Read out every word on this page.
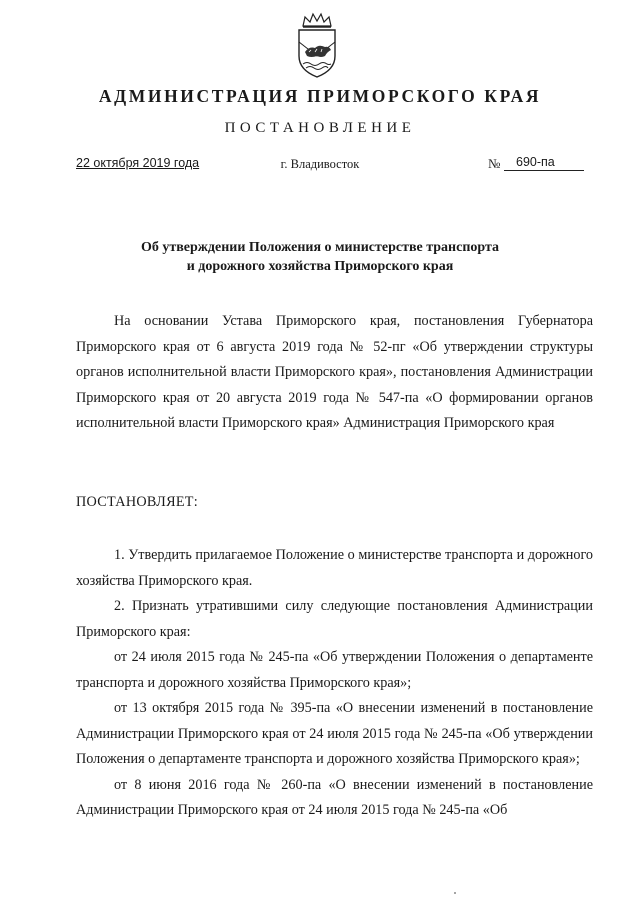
АДМИНИСТРАЦИЯ ПРИМОРСКОГО КРАЯ
ПОСТАНОВЛЕНИЕ
22 октября 2019 года	г. Владивосток	№	690-па
Об утверждении Положения о министерстве транспорта
и дорожного хозяйства Приморского края

На основании Устава Приморского края, постановления Губернатора Приморского края от 6 августа 2019 года № 52-пг «Об утверждении структуры органов исполнительной власти Приморского края», постановления Администрации Приморского края от 20 августа 2019 года № 547-па «О формировании органов исполнительной власти Приморского края» Администрация Приморского края

ПОСТАНОВЛЯЕТ:

1. Утвердить прилагаемое Положение о министерстве транспорта и дорожного хозяйства Приморского края.

2. Признать утратившими силу следующие постановления Администрации Приморского края:

от 24 июля 2015 года № 245-па «Об утверждении Положения о департаменте транспорта и дорожного хозяйства Приморского края»;

от 13 октября 2015 года № 395-па «О внесении изменений в постановление Администрации Приморского края от 24 июля 2015 года № 245-па «Об утверждении Положения о департаменте транспорта и дорожного хозяйства Приморского края»;

от 8 июня 2016 года № 260-па «О внесении изменений в постановление Администрации Приморского края от 24 июля 2015 года № 245-па «Об
